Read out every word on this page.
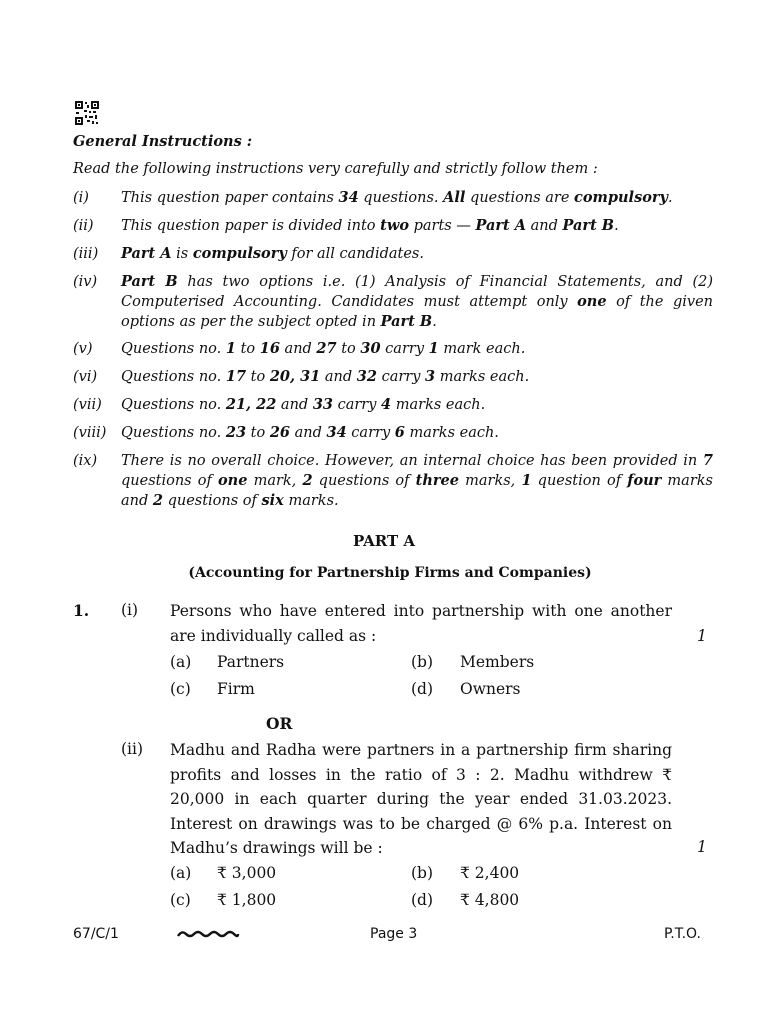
General Instructions :
Read the following instructions very carefully and strictly follow them :
(i) This question paper contains 34 questions. All questions are compulsory.
(ii) This question paper is divided into two parts — Part A and Part B.
(iii) Part A is compulsory for all candidates.
(iv) Part B has two options i.e. (1) Analysis of Financial Statements, and (2) Computerised Accounting. Candidates must attempt only one of the given options as per the subject opted in Part B.
(v) Questions no. 1 to 16 and 27 to 30 carry 1 mark each.
(vi) Questions no. 17 to 20, 31 and 32 carry 3 marks each.
(vii) Questions no. 21, 22 and 33 carry 4 marks each.
(viii) Questions no. 23 to 26 and 34 carry 6 marks each.
(ix) There is no overall choice. However, an internal choice has been provided in 7 questions of one mark, 2 questions of three marks, 1 question of four marks and 2 questions of six marks.
PART A
(Accounting for Partnership Firms and Companies)
1. (i) Persons who have entered into partnership with one another are individually called as :	1
(a) Partners	(b) Members
(c) Firm	(d) Owners
OR
(ii) Madhu and Radha were partners in a partnership firm sharing profits and losses in the ratio of 3 : 2. Madhu withdrew ₹ 20,000 in each quarter during the year ended 31.03.2023. Interest on drawings was to be charged @ 6% p.a. Interest on Madhu’s drawings will be :	1
(a) ₹ 3,000	(b) ₹ 2,400
(c) ₹ 1,800	(d) ₹ 4,800
67/C/1	Page 3	P.T.O.
